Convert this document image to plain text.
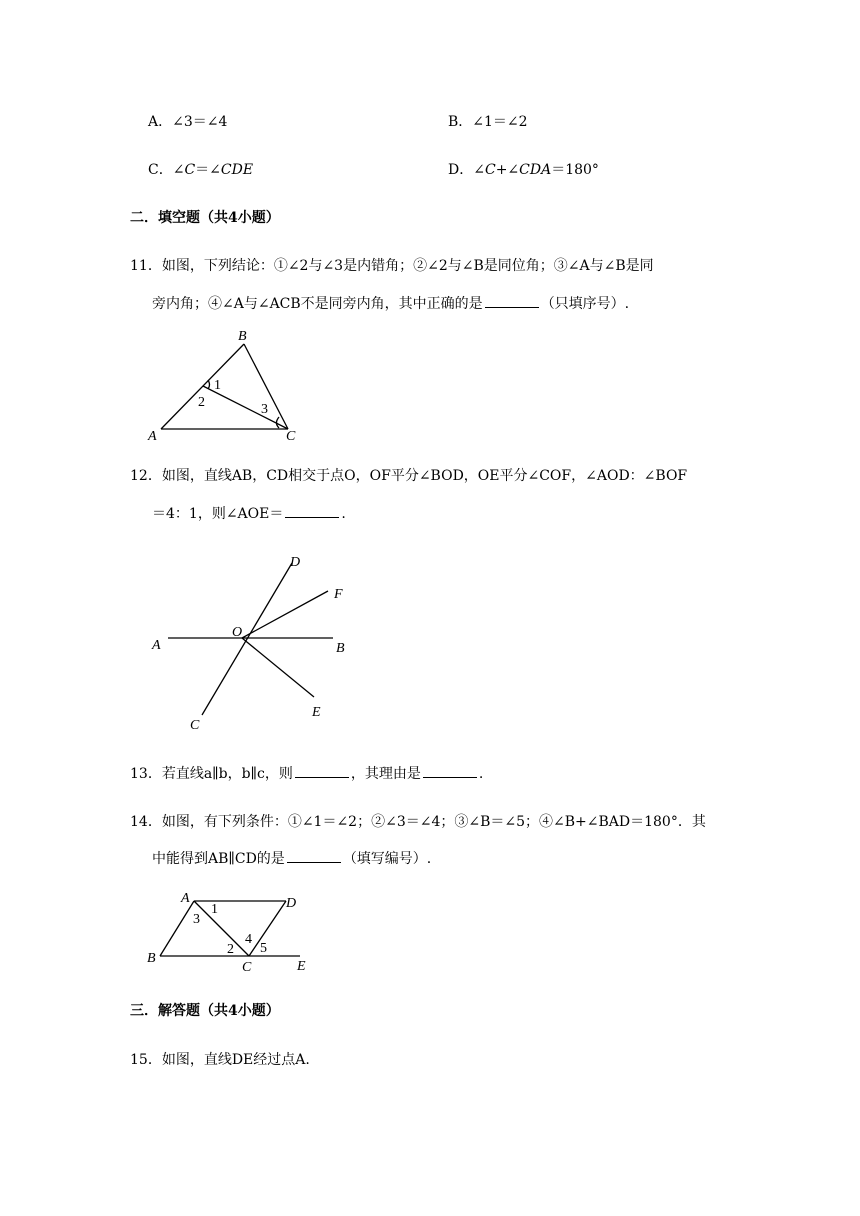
A．∠3＝∠4	B．∠1＝∠2
C．∠C＝∠CDE	D．∠C+∠CDA＝180°
二．填空题（共4小题）
11．如图，下列结论：①∠2与∠3是内错角；②∠2与∠B是同位角；③∠A与∠B是同
旁内角；④∠A与∠ACB不是同旁内角，其中正确的是	（只填序号）.
B
A	C
1
2	3
12．如图，直线AB，CD相交于点O，OF平分∠BOD，OE平分∠COF，∠AOD：∠BOF
＝4：1，则∠AOE＝	.
D
F
O
A	B
E
C
13．若直线a∥b，b∥c，则	，其理由是	.
14．如图，有下列条件：①∠1＝∠2；②∠3＝∠4；③∠B＝∠5；④∠B+∠BAD＝180°．其
中能得到AB∥CD的是	（填写编号）.
A	D
B
C	E
1
3
2
4
5
三．解答题（共4小题）
15．如图，直线DE经过点A.
